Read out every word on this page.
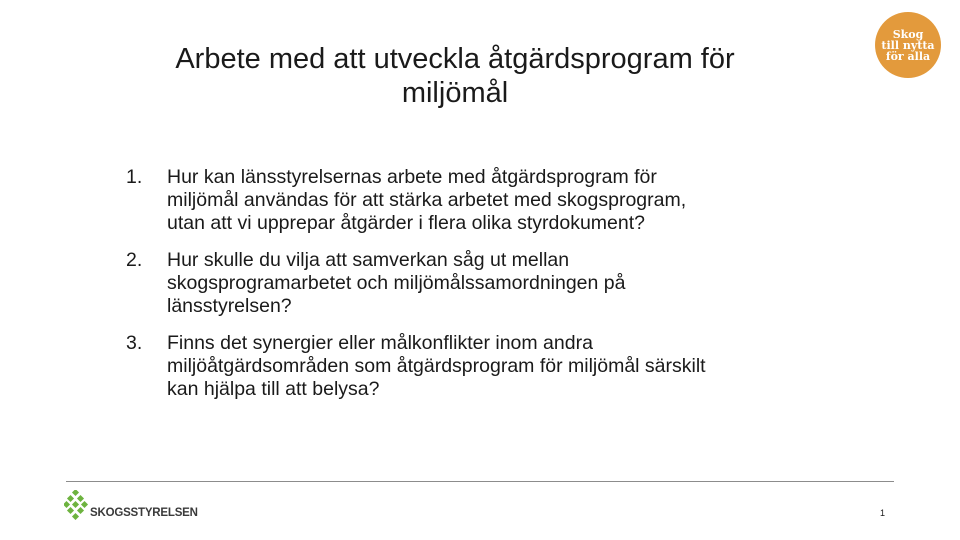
Arbete med att utveckla åtgärdsprogram för
miljömål
Skog
till nytta
för alla
1. Hur kan länsstyrelsernas arbete med åtgärdsprogram för
miljömål användas för att stärka arbetet med skogsprogram,
utan att vi upprepar åtgärder i flera olika styrdokument?
2. Hur skulle du vilja att samverkan såg ut mellan
skogsprogramarbetet och miljömålssamordningen på
länsstyrelsen?
3. Finns det synergier eller målkonflikter inom andra
miljöåtgärdsområden som åtgärdsprogram för miljömål särskilt
kan hjälpa till att belysa?
SKOGSSTYRELSEN	1
